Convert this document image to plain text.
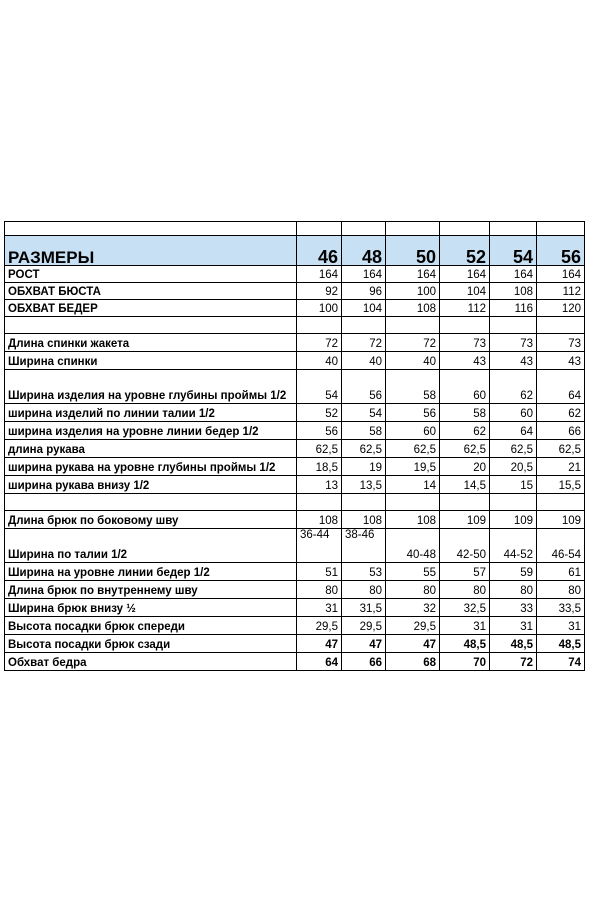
РАЗМЕРЫ	46	48	50	52	54	56
РОСТ	164	164	164	164	164	164
ОБХВАТ БЮСТА	92	96	100	104	108	112
ОБХВАТ БЕДЕР	100	104	108	112	116	120

Длина спинки жакета	72	72	72	73	73	73
Ширина спинки	40	40	40	43	43	43
Ширина изделия на уровне глубины проймы 1/2	54	56	58	60	62	64
ширина изделий по линии талии 1/2	52	54	56	58	60	62
ширина изделия на уровне линии бедер 1/2	56	58	60	62	64	66
длина рукава	62,5	62,5	62,5	62,5	62,5	62,5
ширина рукава на уровне глубины проймы 1/2	18,5	19	19,5	20	20,5	21
ширина рукава внизу 1/2	13	13,5	14	14,5	15	15,5

Длина брюк по боковому шву	108	108	108	109	109	109
Ширина по талии 1/2	36-44	38-46	40-48	42-50	44-52	46-54
Ширина на уровне линии бедер 1/2	51	53	55	57	59	61
Длина брюк по внутреннему шву	80	80	80	80	80	80
Ширина брюк внизу ½	31	31,5	32	32,5	33	33,5
Высота посадки брюк спереди	29,5	29,5	29,5	31	31	31
Высота посадки брюк сзади	47	47	47	48,5	48,5	48,5
Обхват бедра	64	66	68	70	72	74
